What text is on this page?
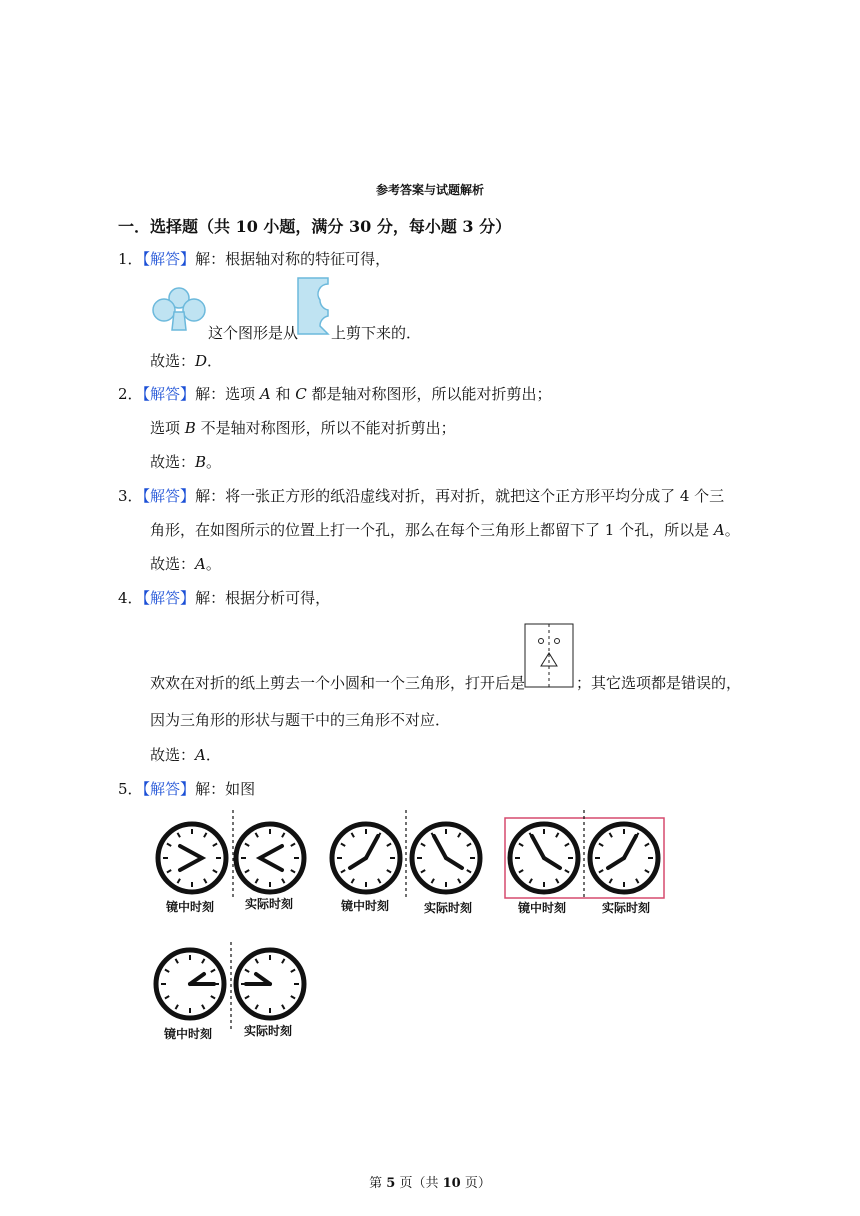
参考答案与试题解析
一．选择题（共 10 小题，满分 30 分，每小题 3 分）
1．【解答】解：根据轴对称的特征可得，
这个图形是从 上剪下来的．
故选：D．
2．【解答】解：选项 A 和 C 都是轴对称图形，所以能对折剪出；
选项 B 不是轴对称图形，所以不能对折剪出；
故选：B。
3．【解答】解：将一张正方形的纸沿虚线对折，再对折，就把这个正方形平均分成了 4 个三
角形，在如图所示的位置上打一个孔，那么在每个三角形上都留下了 1 个孔，所以是 A。
故选：A。
4．【解答】解：根据分析可得，
欢欢在对折的纸上剪去一个小圆和一个三角形，打开后是	；其它选项都是错误的，
因为三角形的形状与题干中的三角形不对应．
故选：A．
5．【解答】解：如图
镜中时刻	实际时刻	镜中时刻	实际时刻	镜中时刻	实际时刻
镜中时刻	实际时刻
第 5 页（共 10 页）
